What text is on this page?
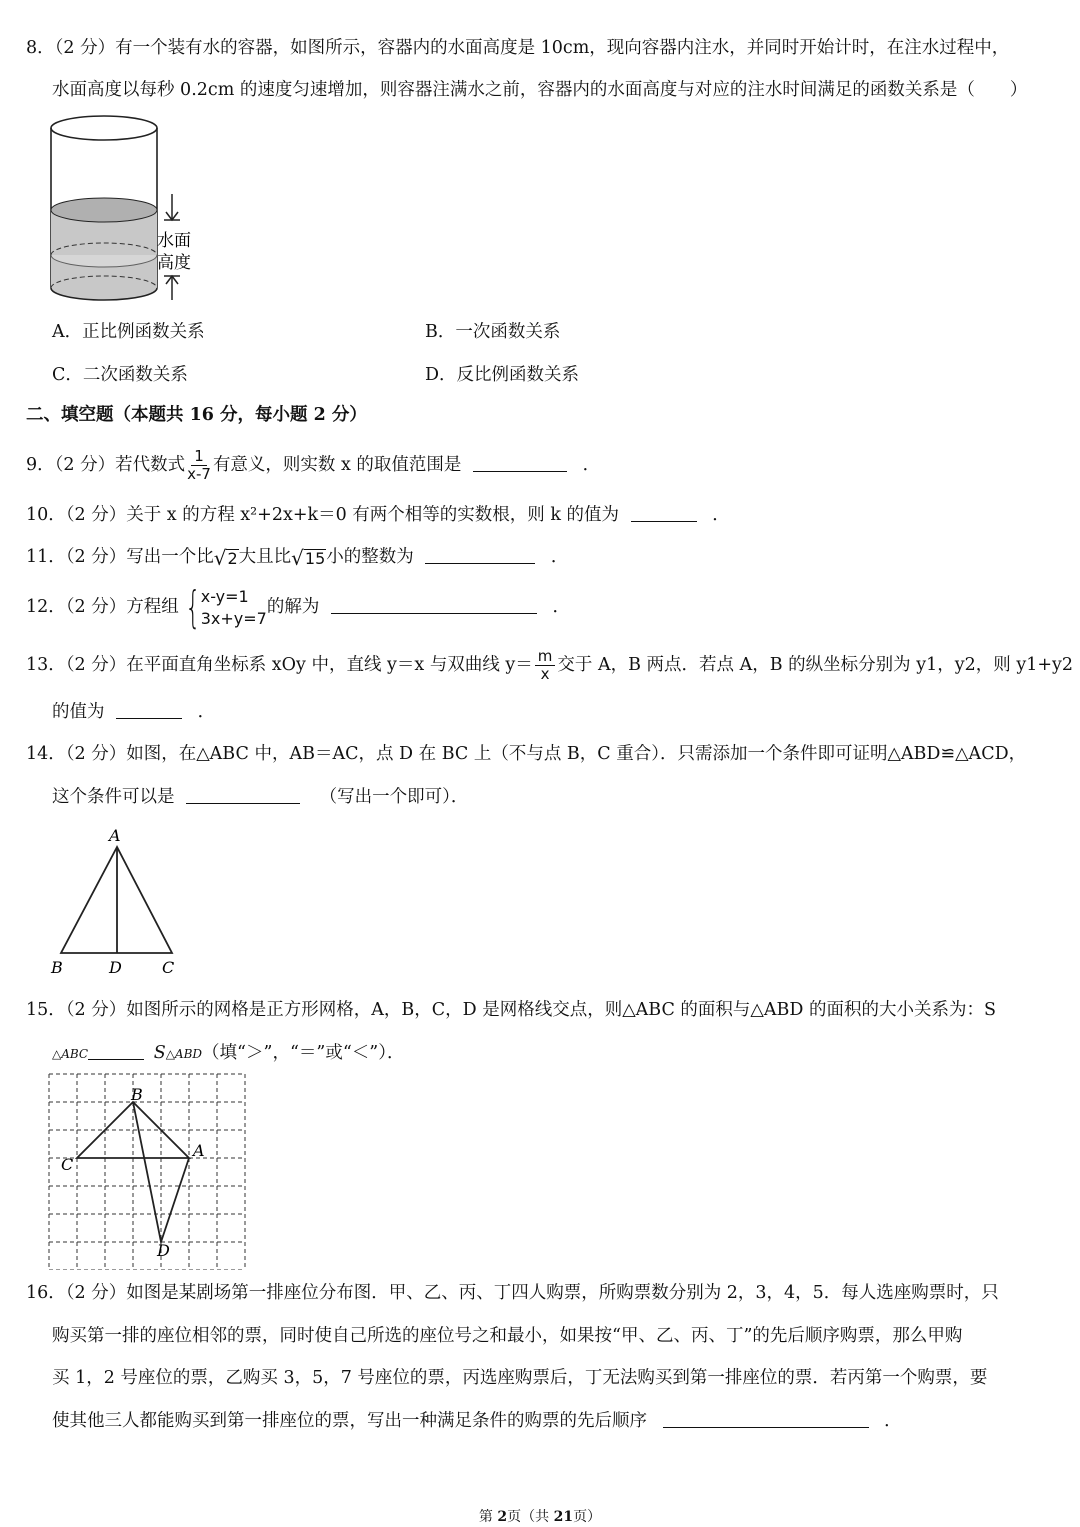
8．（2 分）有一个装有水的容器，如图所示，容器内的水面高度是 10cm，现向容器内注水，并同时开始计时，在注水过程中，
水面高度以每秒 0.2cm 的速度匀速增加，则容器注满水之前，容器内的水面高度与对应的注水时间满足的函数关系是（　　）
水面
高度
A．正比例函数关系	B．一次函数关系
C．二次函数关系	D．反比例函数关系
二、填空题（本题共 16 分，每小题 2 分）
9．（2 分）若代数式 $\frac{1}{x-7}$ 有意义，则实数 x 的取值范围是	．
10．（2 分）关于 x 的方程 x²+2x+k＝0 有两个相等的实数根，则 k 的值为	．
11．（2 分）写出一个比 √ 2 大且比 √ 15 小的整数为	．
12．（2 分）方程组 { x-y=1
3x+y=7
的解为	．
13．（2 分）在平面直角坐标系 xOy 中，直线 y＝x 与双曲线 $y= \frac{m}{x}$ 交于 A，B 两点．若点 A，B 的纵坐标分别为 y1，y2，则 y1+y2
的值为	．
14．（2 分）如图，在△ABC 中，AB＝AC，点 D 在 BC 上（不与点 B，C 重合）．只需添加一个条件即可证明△ABD≌△ACD，
这个条件可以是	（写出一个即可）．
A
B	D	C
15．（2 分）如图所示的网格是正方形网格，A，B，C，D 是网格线交点，则△ABC 的面积与△ABD 的面积的大小关系为：S
△ABC	S△ABD（填“＞”，“＝”或“＜”）．
B
C
A
D
16．（2 分）如图是某剧场第一排座位分布图．甲、乙、丙、丁四人购票，所购票数分别为 2，3，4，5．每人选座购票时，只
购买第一排的座位相邻的票，同时使自己所选的座位号之和最小，如果按“甲、乙、丙、丁”的先后顺序购票，那么甲购
买 1，2 号座位的票，乙购买 3，5，7 号座位的票，丙选座购票后，丁无法购买到第一排座位的票．若丙第一个购票，要
使其他三人都能购买到第一排座位的票，写出一种满足条件的购票的先后顺序	．
第 2页（共 21页）
